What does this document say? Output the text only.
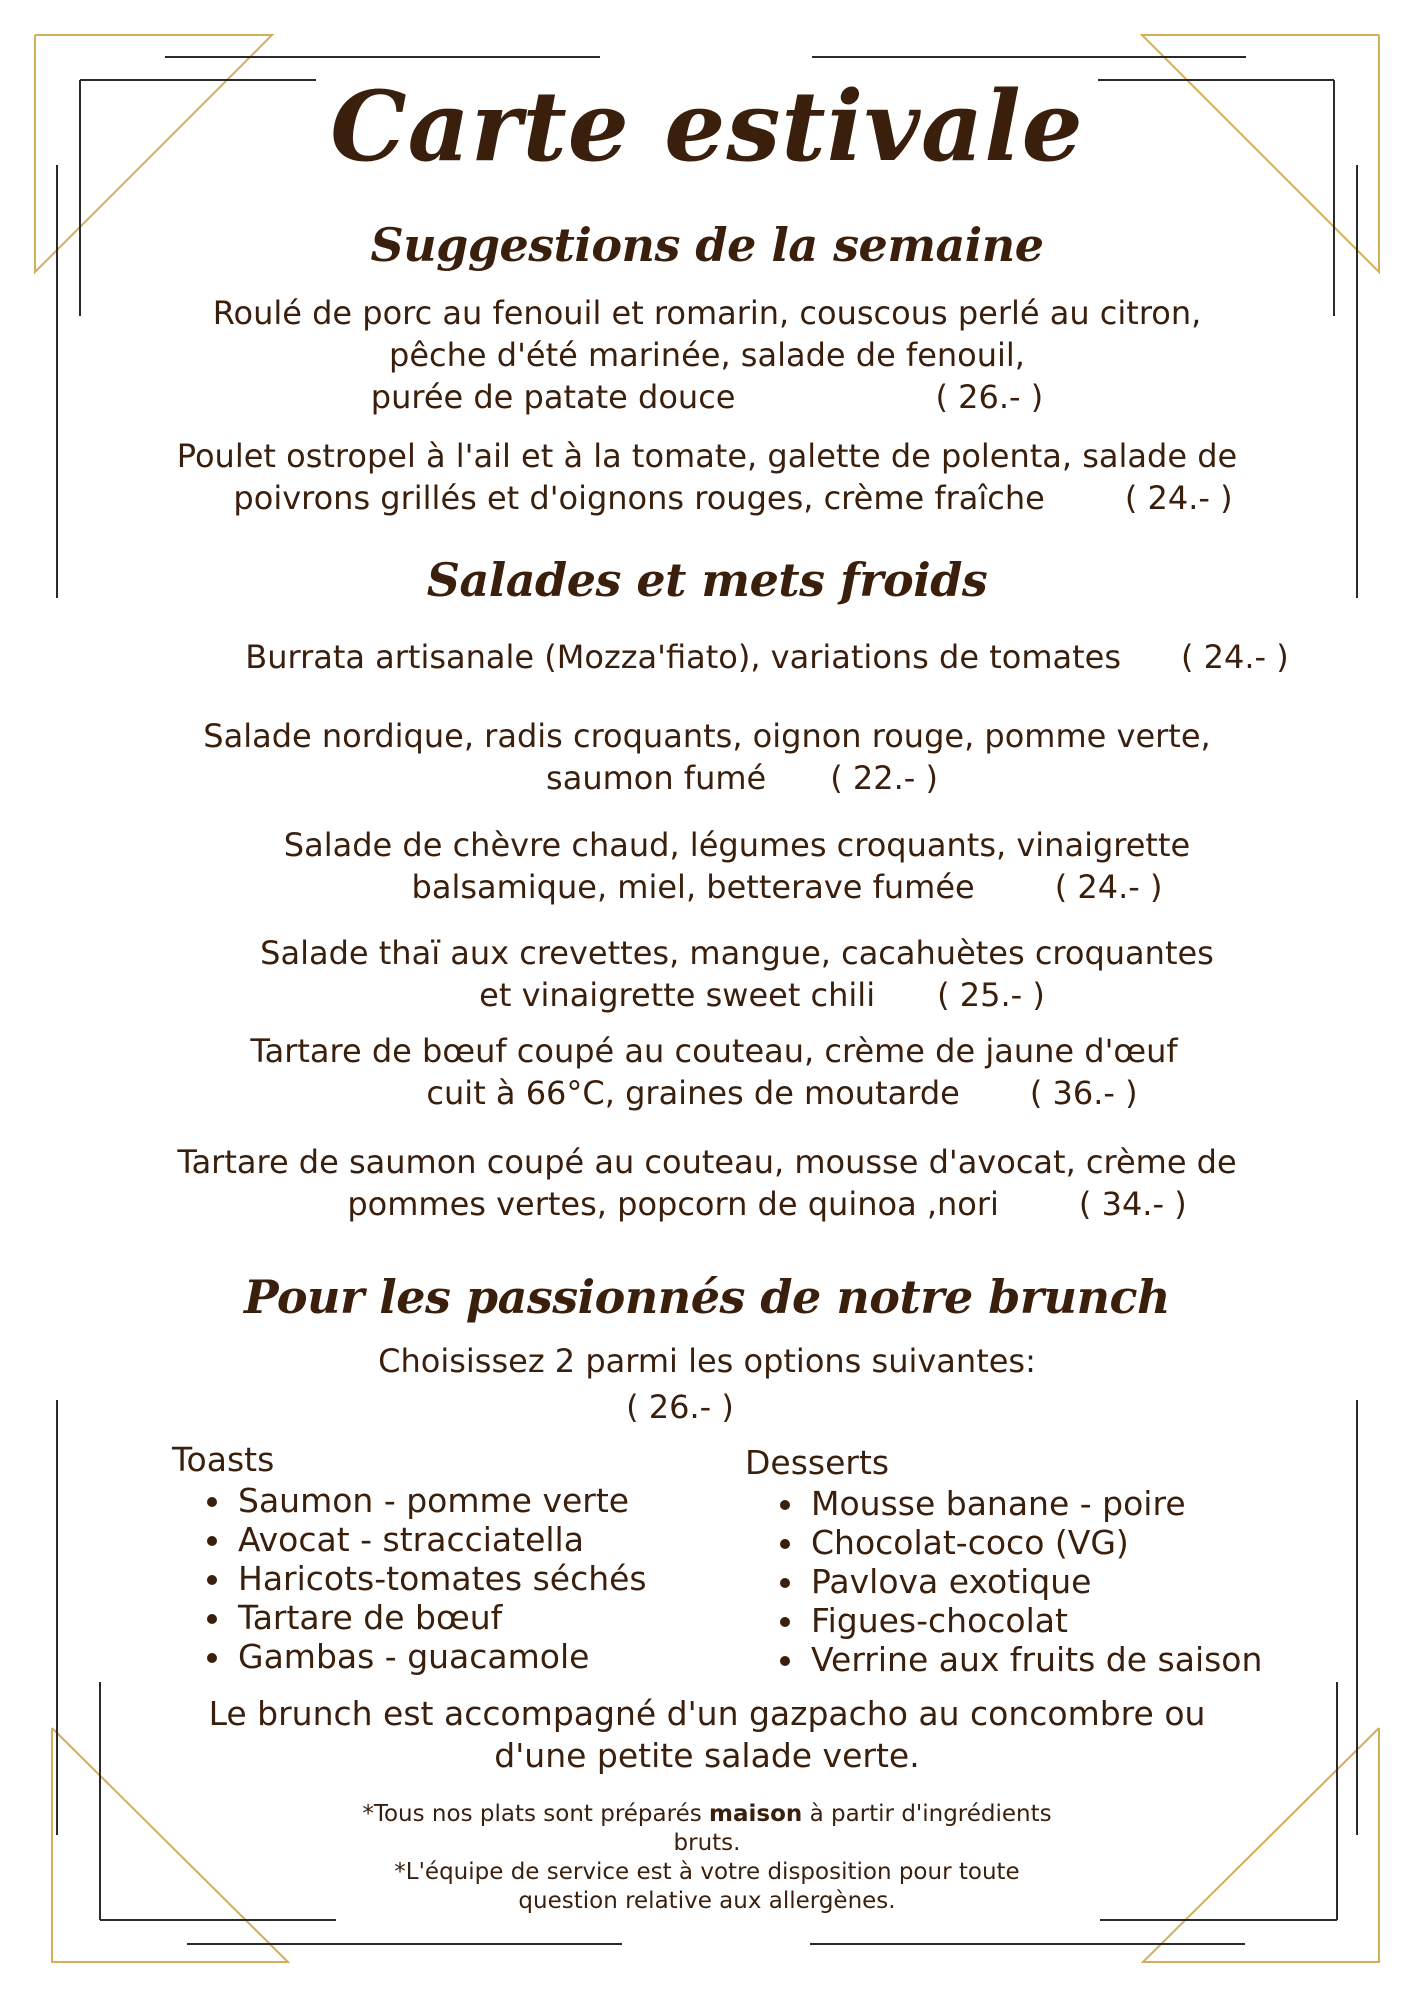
Carte estivale
Suggestions de la semaine
Roulé de porc au fenouil et romarin, couscous perlé au citron,
pêche d'été marinée, salade de fenouil,
purée de patate douce	( 26.- )
Poulet ostropel à l'ail et à la tomate, galette de polenta, salade de
poivrons grillés et d'oignons rouges, crème fraîche	( 24.- )
Salades et mets froids
Burrata artisanale (Mozza'fiato), variations de tomates ( 24.- )
Salade nordique, radis croquants, oignon rouge, pomme verte,
saumon fumé ( 22.- )
Salade de chèvre chaud, légumes croquants, vinaigrette
balsamique, miel, betterave fumée	( 24.- )
Salade thaï aux crevettes, mangue, cacahuètes croquantes
et vinaigrette sweet chili ( 25.- )
Tartare de bœuf coupé au couteau, crème de jaune d'œuf
cuit à 66°C, graines de moutarde ( 36.- )
Tartare de saumon coupé au couteau, mousse d'avocat, crème de
pommes vertes, popcorn de quinoa ,nori	( 34.- )
Pour les passionnés de notre brunch
Choisissez 2 parmi les options suivantes:
( 26.- )
Toasts
• Saumon - pomme verte
• Avocat - stracciatella
• Haricots-tomates séchés
• Tartare de bœuf
• Gambas - guacamole
Desserts
• Mousse banane - poire
• Chocolat-coco (VG)
• Pavlova exotique
• Figues-chocolat
• Verrine aux fruits de saison
Le brunch est accompagné d'un gazpacho au concombre ou
d'une petite salade verte.
*Tous nos plats sont préparés maison à partir d'ingrédients
bruts.
*L'équipe de service est à votre disposition pour toute
question relative aux allergènes.
